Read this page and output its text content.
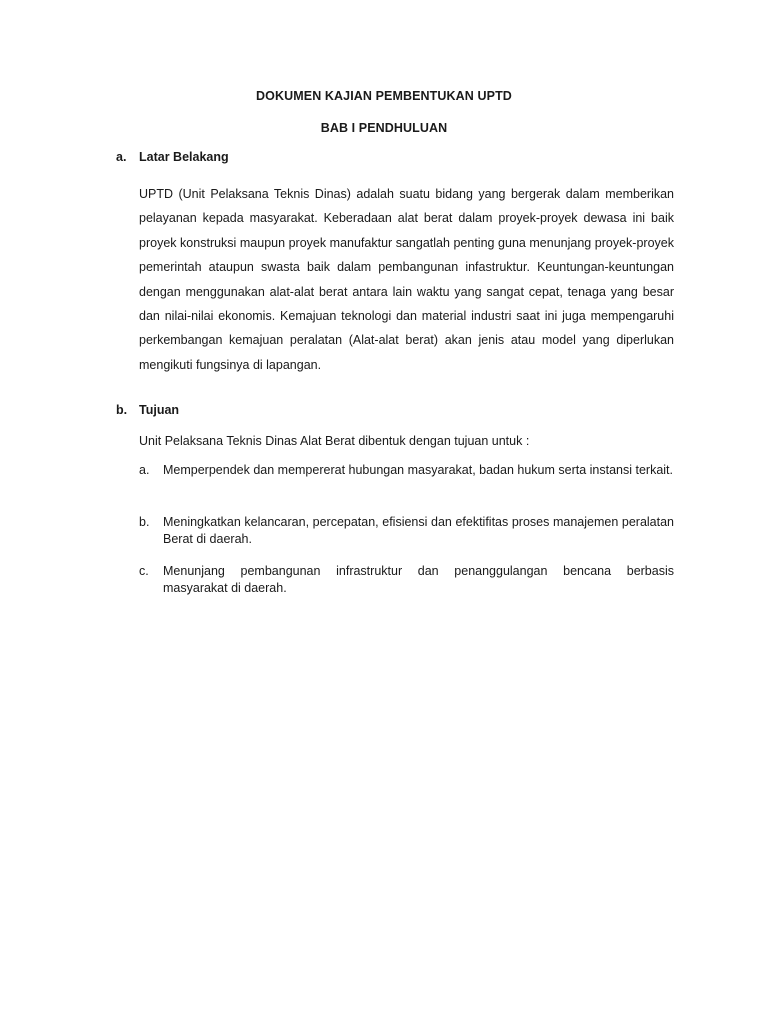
DOKUMEN KAJIAN PEMBENTUKAN UPTD
BAB I PENDHULUAN
a. Latar Belakang

UPTD (Unit Pelaksana Teknis Dinas) adalah suatu bidang yang bergerak dalam memberikan pelayanan kepada masyarakat. Keberadaan alat berat dalam proyek-proyek dewasa ini baik proyek konstruksi maupun proyek manufaktur sangatlah penting guna menunjang proyek-proyek pemerintah ataupun swasta baik dalam pembangunan infastruktur. Keuntungan-keuntungan dengan menggunakan alat-alat berat antara lain waktu yang sangat cepat, tenaga yang besar dan nilai-nilai ekonomis. Kemajuan teknologi dan material industri saat ini juga mempengaruhi perkembangan kemajuan peralatan (Alat-alat berat) akan jenis atau model yang diperlukan mengikuti fungsinya di lapangan.

b. Tujuan

Unit Pelaksana Teknis Dinas Alat Berat dibentuk dengan tujuan untuk :

a. Memperpendek dan mempererat hubungan masyarakat, badan hukum serta instansi terkait.
b. Meningkatkan kelancaran, percepatan, efisiensi dan efektifitas proses manajemen peralatan Berat di daerah.
c. Menunjang pembangunan infrastruktur dan penanggulangan bencana berbasis
masyarakat di daerah.
